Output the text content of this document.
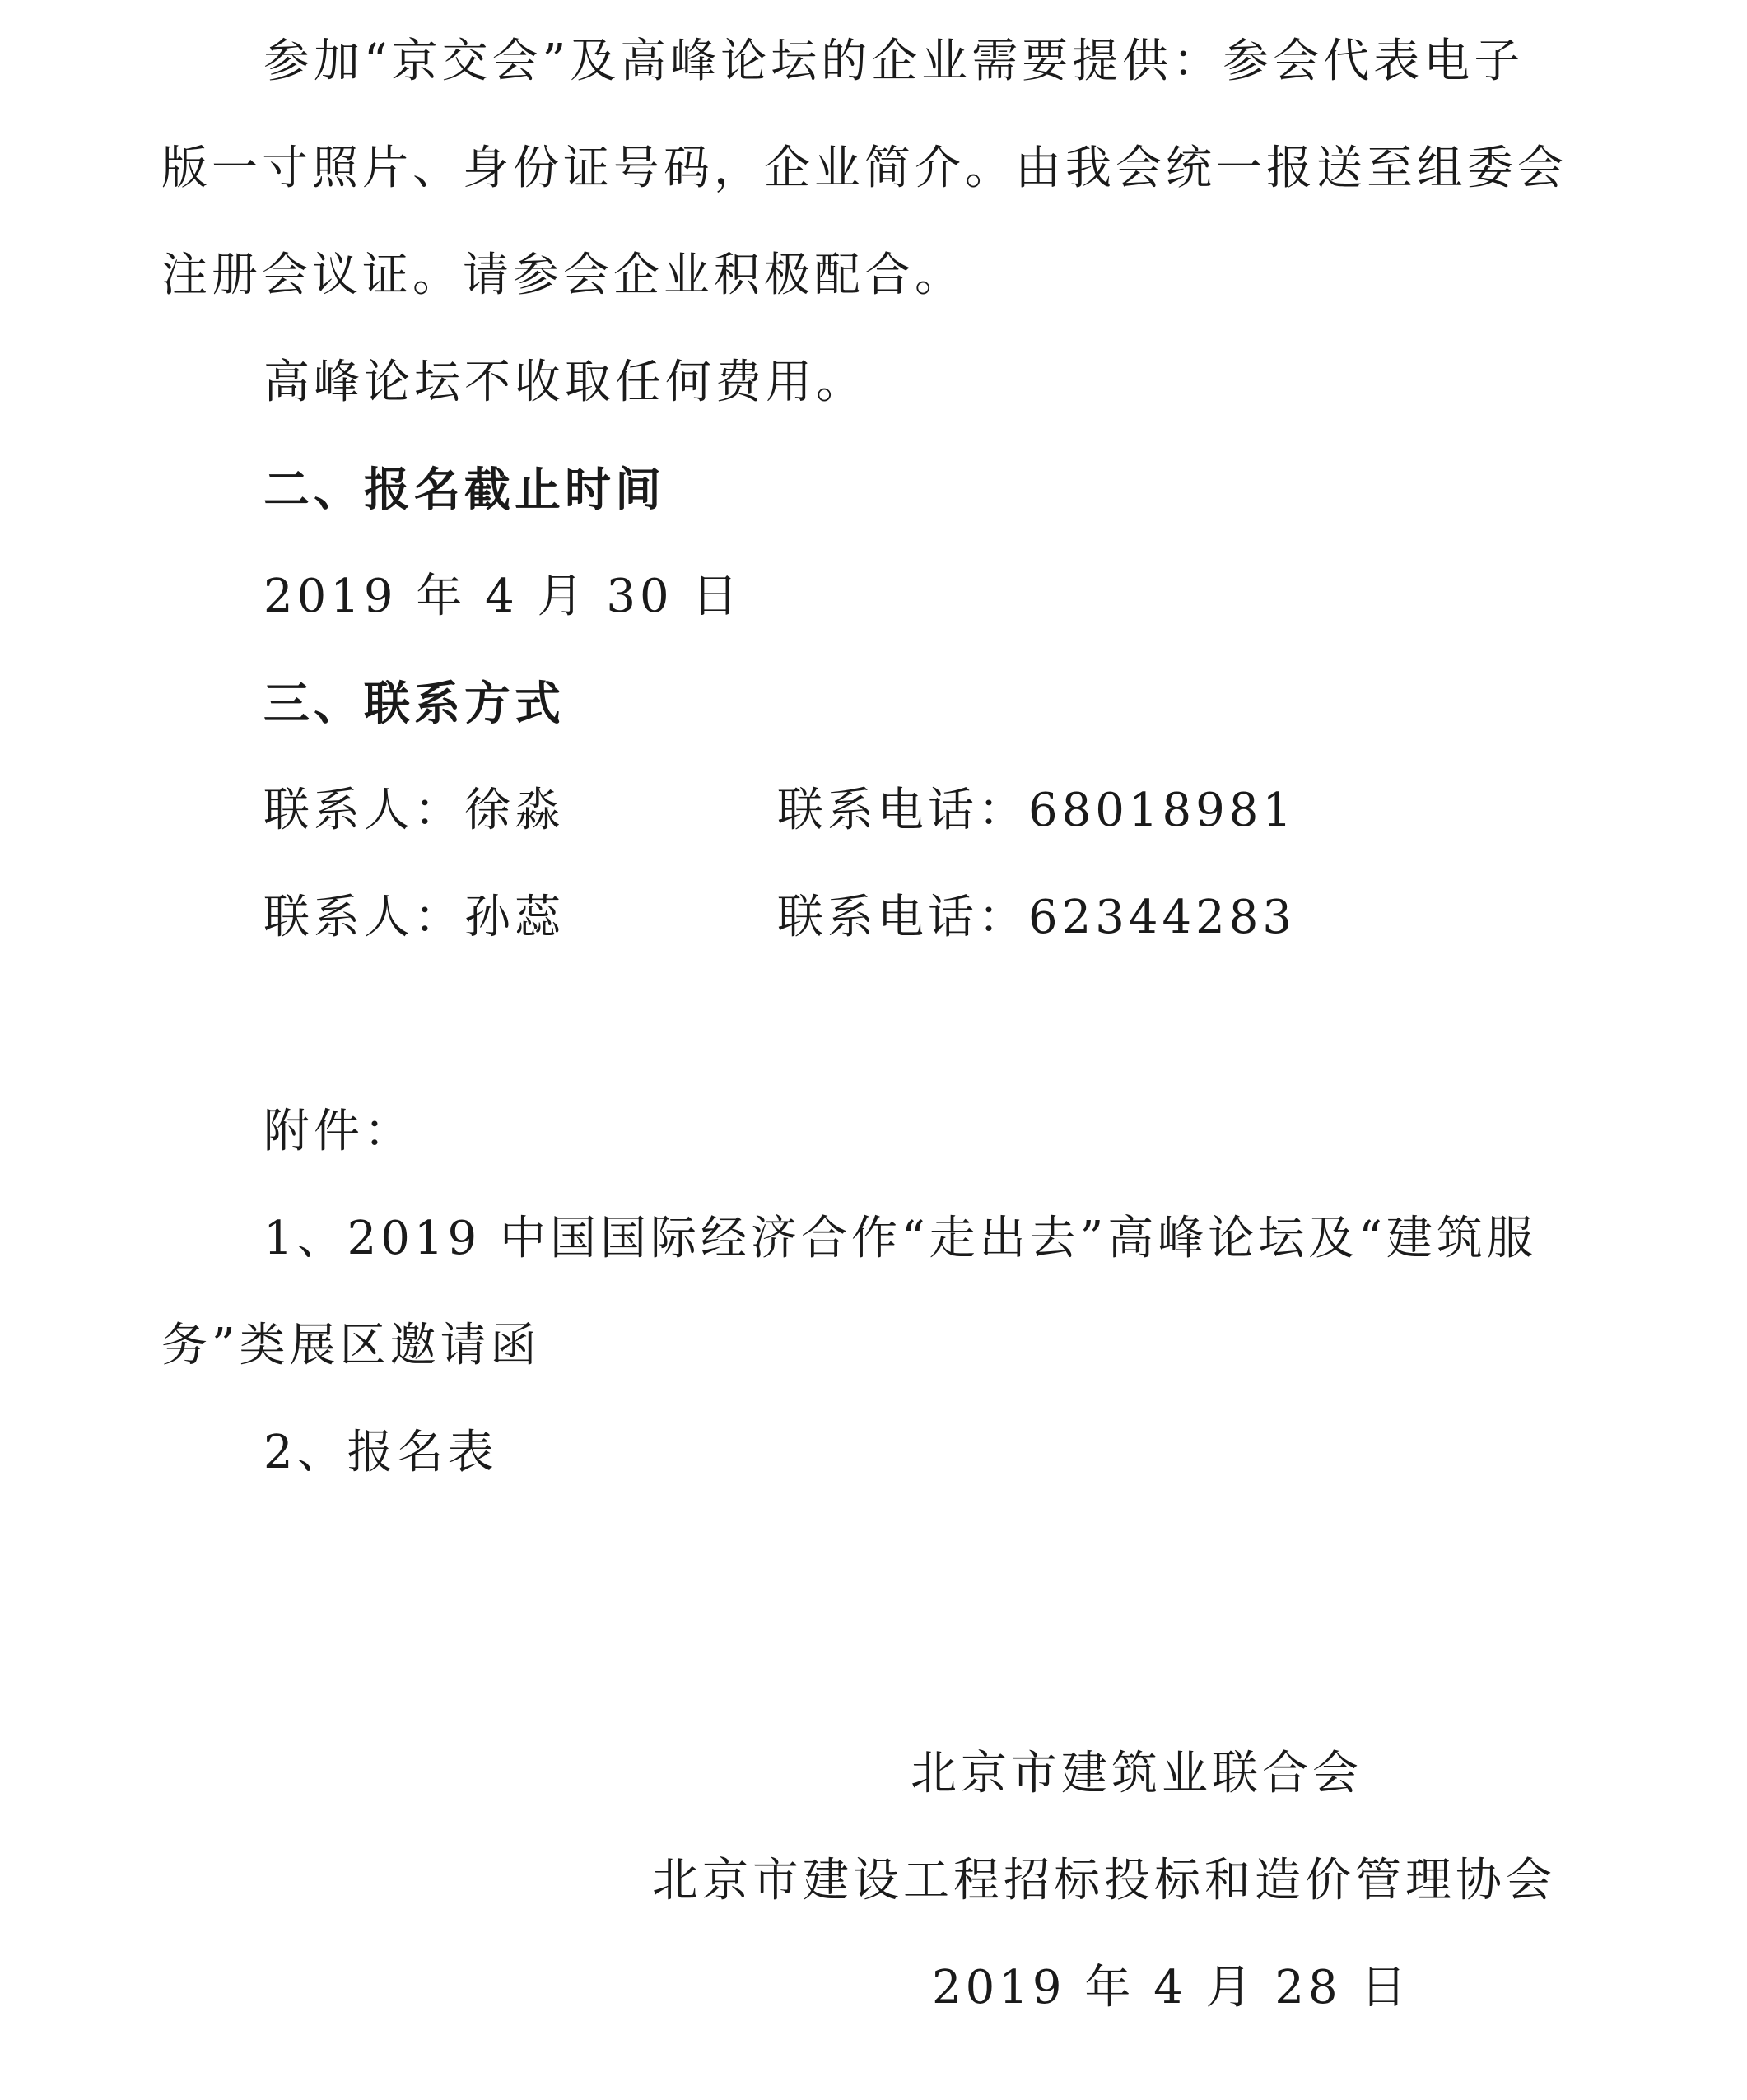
参加“京交会”及高峰论坛的企业需要提供：参会代表电子
版一寸照片、身份证号码，企业简介。由我会统一报送至组委会
注册会议证。请参会企业积极配合。
高峰论坛不收取任何费用。
二、报名截止时间
2019 年 4 月 30 日
三、联系方式
联系人：徐淼	联系电话：68018981
联系人：孙蕊	联系电话：62344283
附件：
1、2019 中国国际经济合作“走出去”高峰论坛及“建筑服
务”类展区邀请函
2、报名表
北京市建筑业联合会
北京市建设工程招标投标和造价管理协会
2019 年 4 月 28 日
